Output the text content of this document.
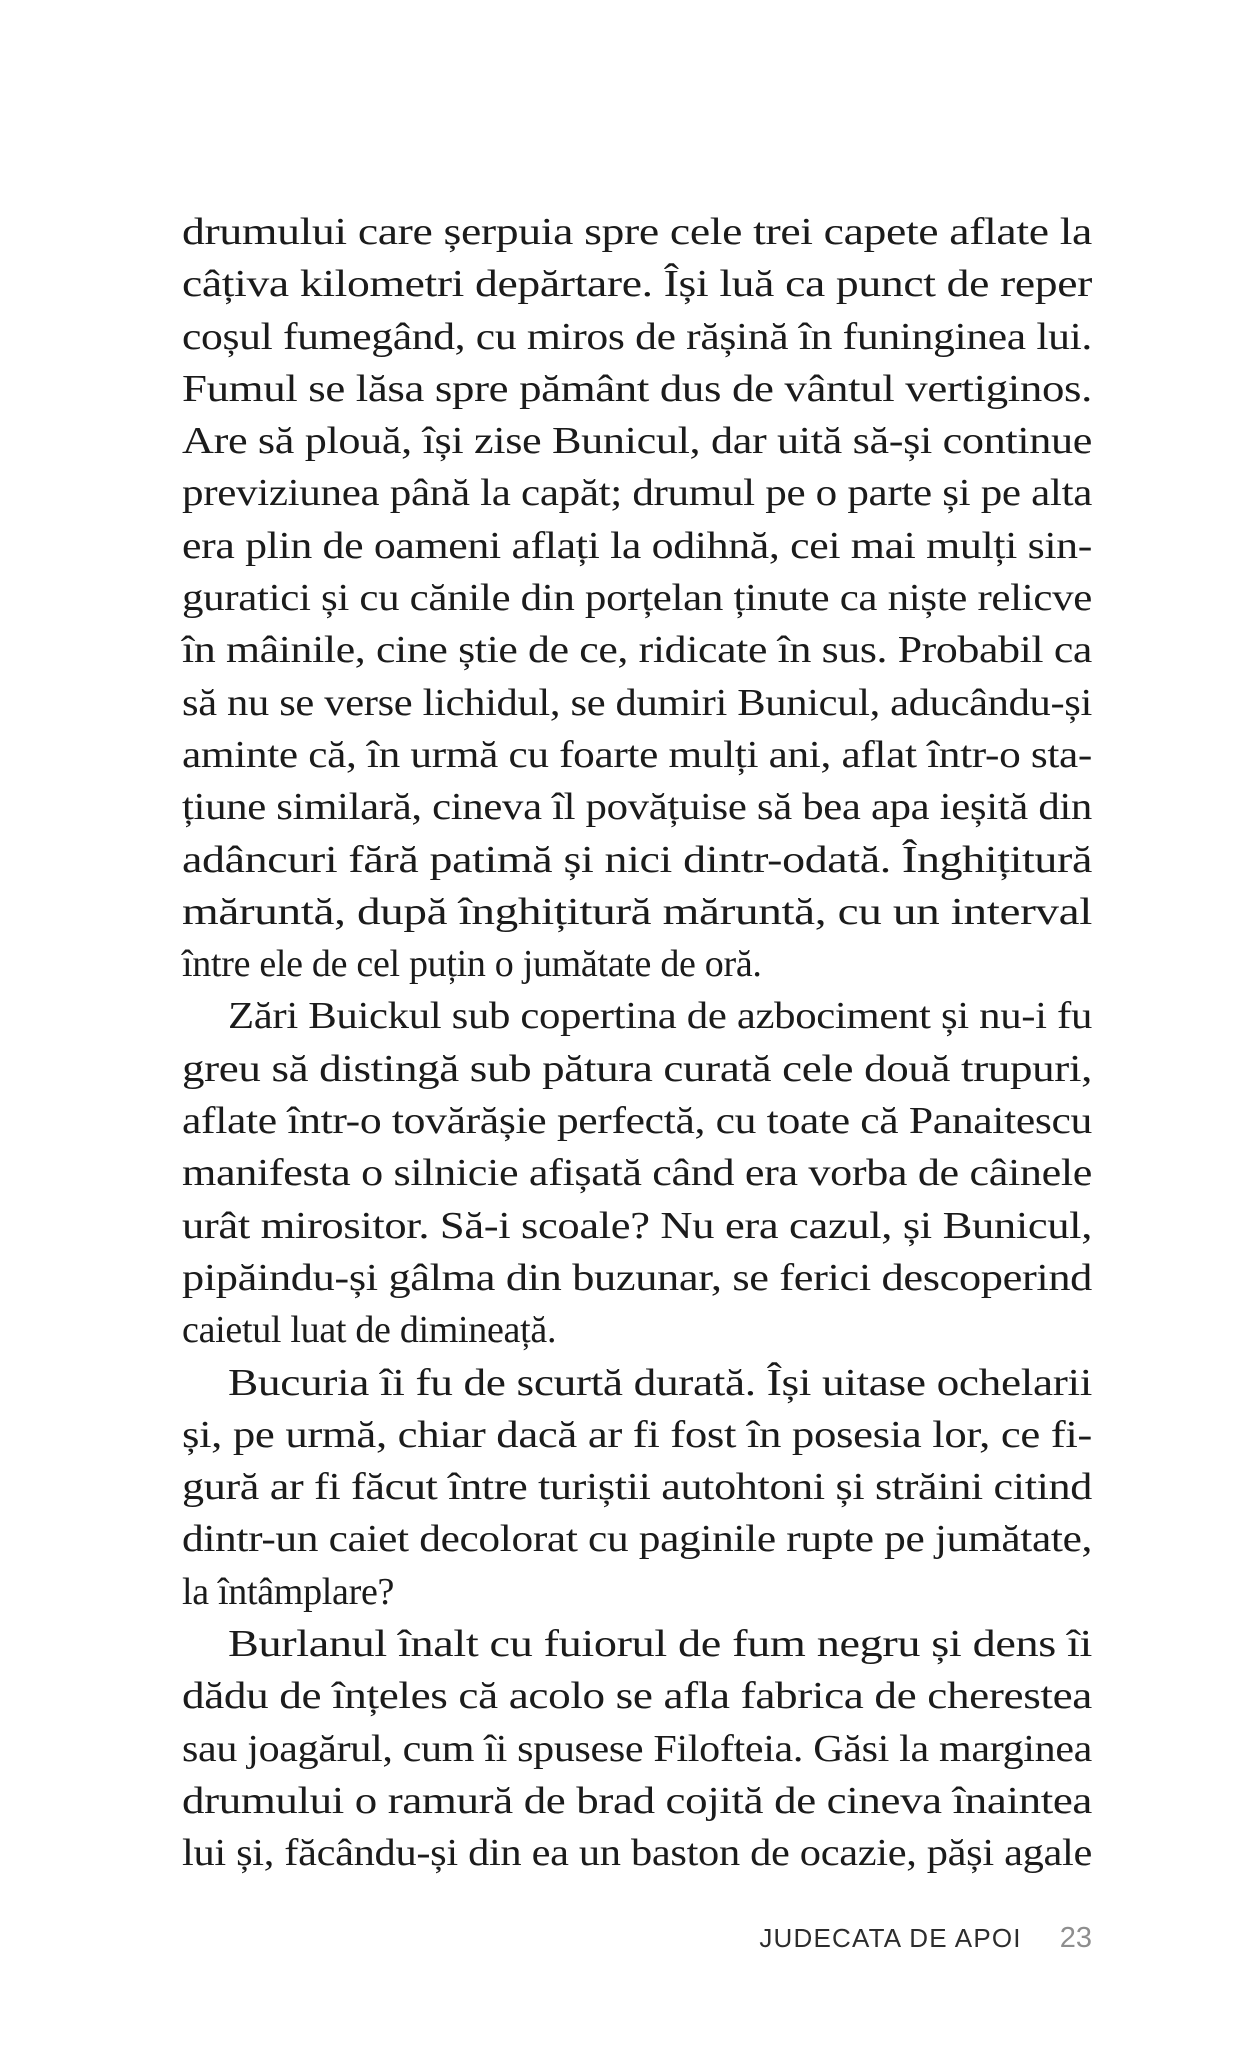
drumului care șerpuia spre cele trei capete aflate la
câțiva kilometri depărtare. Își luă ca punct de reper
coșul fumegând, cu miros de rășină în funinginea lui.
Fumul se lăsa spre pământ dus de vântul vertiginos.
Are să plouă, își zise Bunicul, dar uită să-și continue
previziunea până la capăt; drumul pe o parte și pe alta
era plin de oameni aflați la odihnă, cei mai mulți sin-
guratici și cu cănile din porțelan ținute ca niște relicve
în mâinile, cine știe de ce, ridicate în sus. Probabil ca
să nu se verse lichidul, se dumiri Bunicul, aducându-și
aminte că, în urmă cu foarte mulți ani, aflat într-o sta-
țiune similară, cineva îl povățuise să bea apa ieșită din
adâncuri fără patimă și nici dintr-odată. Înghițitură
măruntă, după înghițitură măruntă, cu un interval
între ele de cel puțin o jumătate de oră.
Zări Buickul sub copertina de azbociment și nu-i fu
greu să distingă sub pătura curată cele două trupuri,
aflate într-o tovărășie perfectă, cu toate că Panaitescu
manifesta o silnicie afișată când era vorba de câinele
urât mirositor. Să-i scoale? Nu era cazul, și Bunicul,
pipăindu-și gâlma din buzunar, se ferici descoperind
caietul luat de dimineață.
Bucuria îi fu de scurtă durată. Își uitase ochelarii
și, pe urmă, chiar dacă ar fi fost în posesia lor, ce fi-
gură ar fi făcut între turiștii autohtoni și străini citind
dintr-un caiet decolorat cu paginile rupte pe jumătate,
la întâmplare?
Burlanul înalt cu fuiorul de fum negru și dens îi
dădu de înțeles că acolo se afla fabrica de cherestea
sau joagărul, cum îi spusese Filofteia. Găsi la marginea
drumului o ramură de brad cojită de cineva înaintea
lui și, făcându-și din ea un baston de ocazie, păși agale
JUDECATA DE APOI 23
